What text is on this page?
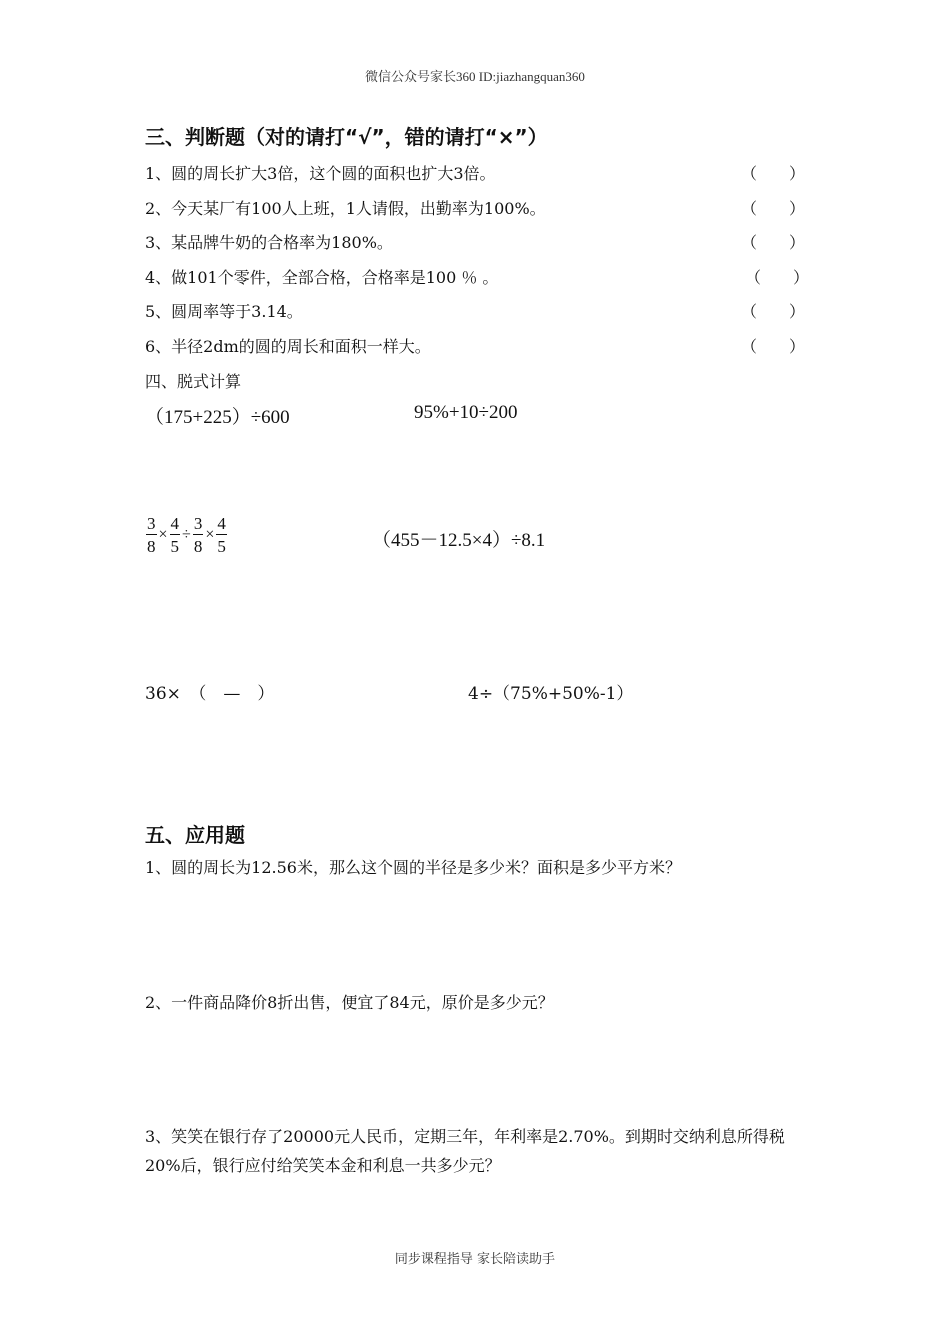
微信公众号家长360 ID:jiazhangquan360
三、判断题（对的请打“√”，错的请打“×”）
1、圆的周长扩大3倍，这个圆的面积也扩大3倍。	（　　）
2、今天某厂有100人上班，1人请假，出勤率为100%。	（　　）
3、某品牌牛奶的合格率为180%。	（　　）
4、做101个零件，全部合格，合格率是100 ％ 。	（　　）
5、圆周率等于3.14。	（　　）
6、半径2dm的圆的周长和面积一样大。	（　　）
四、脱式计算
（175+225）÷600	95%+10÷200
$\frac{3}{8} \times \frac{4}{5} \div \frac{3}{8} \times \frac{4}{5}$	（455－12.5×4）÷8.1
36×　（　—　）	4÷（75%+50%-1）
五、应用题
1、圆的周长为12.56米，那么这个圆的半径是多少米？面积是多少平方米？
2、一件商品降价8折出售，便宜了84元，原价是多少元？
3、笑笑在银行存了20000元人民币，定期三年，年利率是2.70%。到期时交纳利息所得税20%后，银行应付给笑笑本金和利息一共多少元？
同步课程指导 家长陪读助手
